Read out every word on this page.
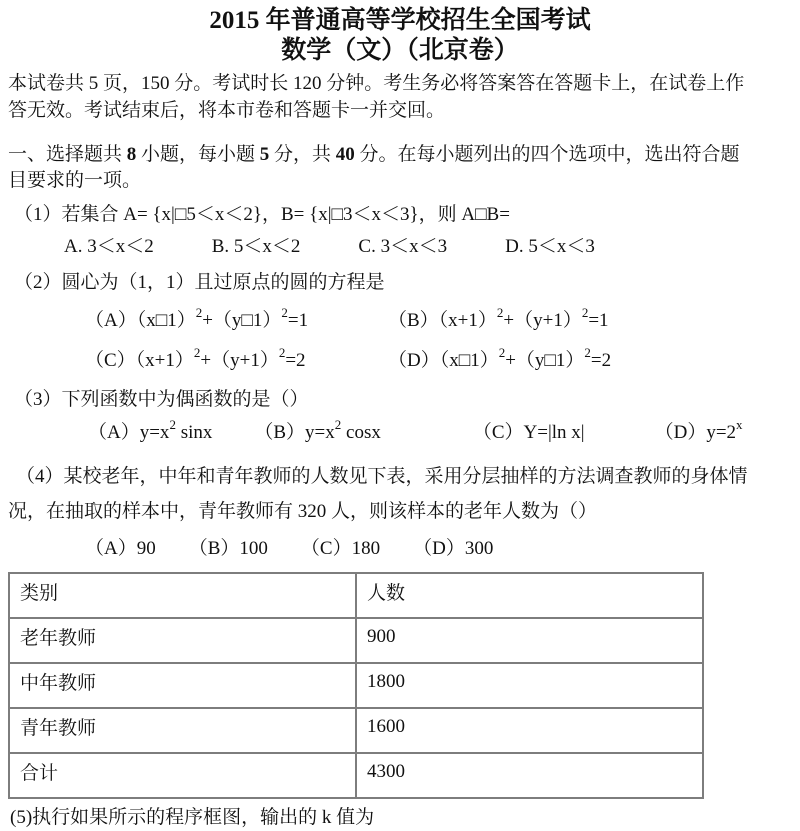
2015 年普通高等学校招生全国考试
数学（文）（北京卷）

本试卷共 5 页，150 分。考试时长 120 分钟。考生务必将答案答在答题卡上，在试卷上作
答无效。考试结束后，将本市卷和答题卡一并交回。

一、选择题共 8 小题，每小题 5 分，共 40 分。在每小题列出的四个选项中，选出符合题
目要求的一项。

（1）若集合 A= {x|□5＜x＜2}，B= {x|□3＜x＜3}，则 A□B=

A. 3＜x＜2	B. 5＜x＜2	C. 3＜x＜3	D. 5＜x＜3

（2）圆心为（1，1）且过原点的圆的方程是

（A）（x□1）$^2$+（y□1）$^2$=1	$(B)(x+1)^2+(y+1)^2=1$
$(C)(x+1)^2+(y+1)^2=2$	（D）（x□1）$^2$+（y□1）$^2$=2

（3）下列函数中为偶函数的是（）

$(A)y=x^2$ sinx $(B)y=x^2$ cosx	（C）Y=|ln x|	$(D)y=2^x$

（4）某校老年，中年和青年教师的人数见下表，采用分层抽样的方法调查教师的身体情
况，在抽取的样本中，青年教师有 320 人，则该样本的老年人数为（）

（A）90 （B）100 （C）180 （D）300
类别	人数
老年教师	900
中年教师	1800
青年教师	1600
合计	4300

(5)执行如果所示的程序框图，输出的 k 值为
